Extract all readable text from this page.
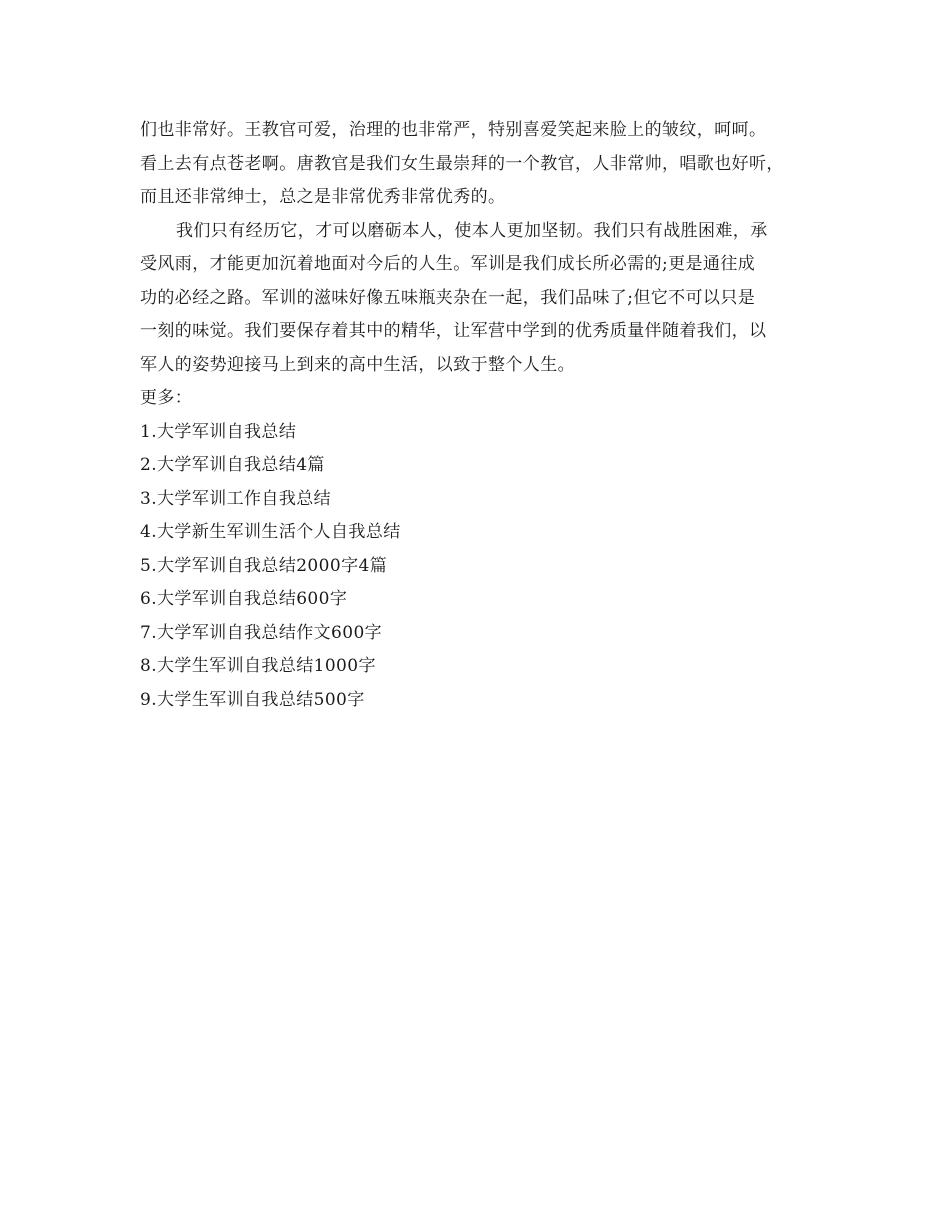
们也非常好。王教官可爱，治理的也非常严，特别喜爱笑起来脸上的皱纹，呵呵。
看上去有点苍老啊。唐教官是我们女生最崇拜的一个教官，人非常帅，唱歌也好听，
而且还非常绅士，总之是非常优秀非常优秀的。

我们只有经历它，才可以磨砺本人，使本人更加坚韧。我们只有战胜困难，承
受风雨，才能更加沉着地面对今后的人生。军训是我们成长所必需的;更是通往成
功的必经之路。军训的滋味好像五味瓶夹杂在一起，我们品味了;但它不可以只是
一刻的味觉。我们要保存着其中的精华，让军营中学到的优秀质量伴随着我们，以
军人的姿势迎接马上到来的高中生活，以致于整个人生。

更多：

1.大学军训自我总结
2.大学军训自我总结4篇
3.大学军训工作自我总结
4.大学新生军训生活个人自我总结
5.大学军训自我总结2000字4篇
6.大学军训自我总结600字
7.大学军训自我总结作文600字
8.大学生军训自我总结1000字
9.大学生军训自我总结500字
